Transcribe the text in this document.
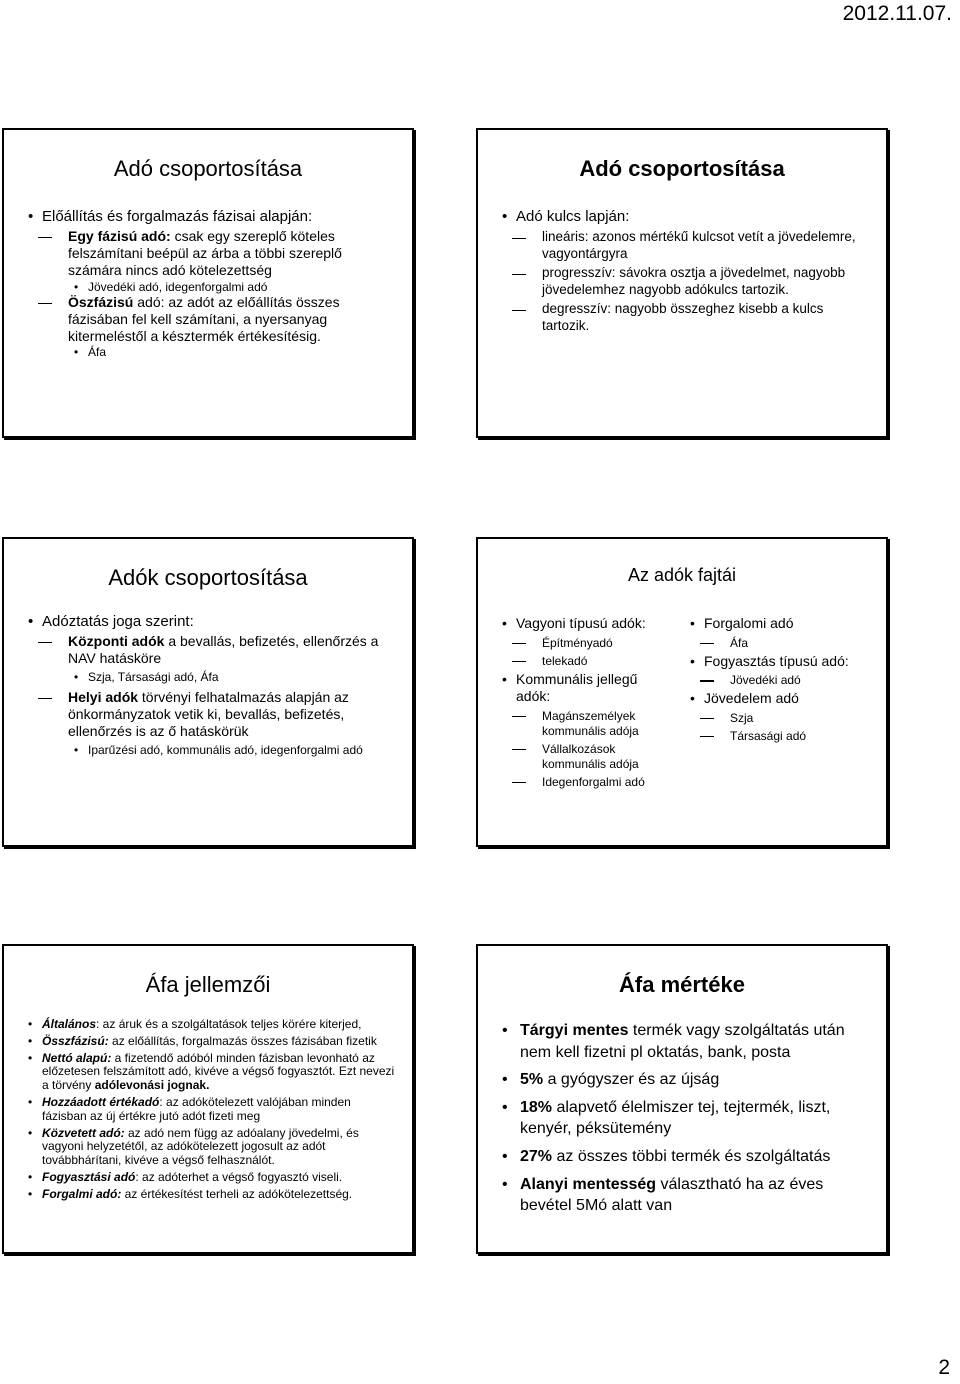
2012.11.07.
Adó csoportosítása
• Előállítás és forgalmazás fázisai alapján:
Egy fázisú adó: csak egy szereplő köteles felszámítani beépül az árba a többi szereplő számára nincs adó kötelezettség
• Jövedéki adó, idegenforgalmi adó
Öszfázisú adó: az adót az előállítás összes fázisában fel kell számítani, a nyersanyag kitermeléstől a késztermék értékesítésig.
• Áfa
Adó csoportosítása
• Adó kulcs lapján:
lineáris: azonos mértékű kulcsot vetít a jövedelemre, vagyontárgyra
progresszív: sávokra osztja a jövedelmet, nagyobb jövedelemhez nagyobb adókulcs tartozik.
degresszív: nagyobb összeghez kisebb a kulcs tartozik.
Adók csoportosítása
• Adóztatás joga szerint:
Központi adók a bevallás, befizetés, ellenőrzés a NAV hatásköre
• Szja, Társasági adó, Áfa
Helyi adók törvényi felhatalmazás alapján az önkormányzatok vetik ki, bevallás, befizetés, ellenőrzés is az ő hatáskörük
• Iparűzési adó, kommunális adó, idegenforgalmi adó
Az adók fajtái
• Vagyoni típusú adók:
Építményadó
telekadó
• Kommunális jellegű adók:
Magánszemélyek kommunális adója
Vállalkozások kommunális adója
Idegenforgalmi adó
• Forgalomi adó
Áfa
• Fogyasztás típusú adó:
Jövedéki adó
• Jövedelem adó
Szja
Társasági adó
Áfa jellemzői
• Általános: az áruk és a szolgáltatások teljes körére kiterjed,
• Összfázisú: az előállítás, forgalmazás összes fázisában fizetik
• Nettó alapú: a fizetendő adóból minden fázisban levonható az előzetesen felszámított adó, kivéve a végső fogyasztót. Ezt nevezi a törvény adólevonási jognak.
• Hozzáadott értékadó: az adókötelezett valójában minden fázisban az új értékre jutó adót fizeti meg
• Közvetett adó: az adó nem függ az adóalany jövedelmi, és vagyoni helyzetétől, az adókötelezett jogosult az adót továbbhárítani, kivéve a végső felhasználót.
• Fogyasztási adó: az adóterhet a végső fogyasztó viseli.
• Forgalmi adó: az értékesítést terheli az adókötelezettség.
Áfa mértéke
• Tárgyi mentes termék vagy szolgáltatás után nem kell fizetni pl oktatás, bank, posta
• 5% a gyógyszer és az újság
• 18% alapvető élelmiszer tej, tejtermék, liszt, kenyér, péksütemény
• 27% az összes többi termék és szolgáltatás
• Alanyi mentesség választható ha az éves bevétel 5Mó alatt van
2
